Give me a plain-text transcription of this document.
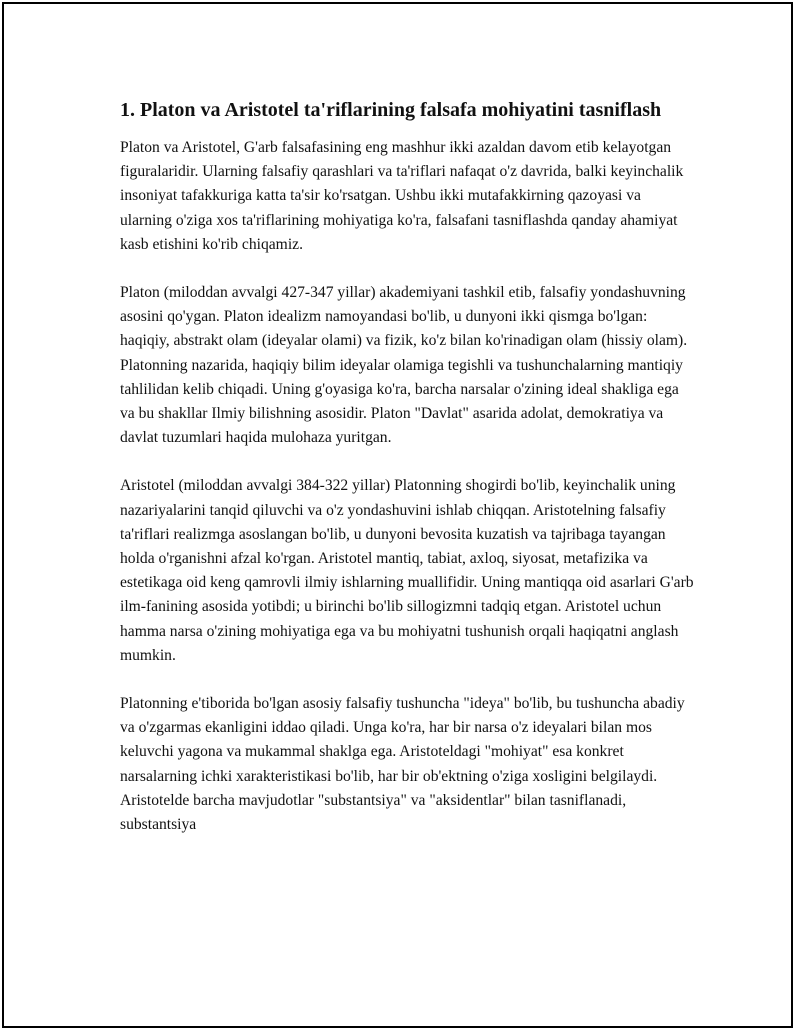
1. Platon va Aristotel ta'riflarining falsafa mohiyatini tasniflash

Platon va Aristotel, G'arb falsafasining eng mashhur ikki azaldan davom etib kelayotgan figuralaridir. Ularning falsafiy qarashlari va ta'riflari nafaqat o'z davrida, balki keyinchalik insoniyat tafakkuriga katta ta'sir ko'rsatgan. Ushbu ikki mutafakkirning qazoyasi va ularning o'ziga xos ta'riflarining mohiyatiga ko'ra, falsafani tasniflashda qanday ahamiyat kasb etishini ko'rib chiqamiz.

Platon (miloddan avvalgi 427-347 yillar) akademiyani tashkil etib, falsafiy yondashuvning asosini qo'ygan. Platon idealizm namoyandasi bo'lib, u dunyoni ikki qismga bo'lgan: haqiqiy, abstrakt olam (ideyalar olami) va fizik, ko'z bilan ko'rinadigan olam (hissiy olam). Platonning nazarida, haqiqiy bilim ideyalar olamiga tegishli va tushunchalarning mantiqiy tahlilidan kelib chiqadi. Uning g'oyasiga ko'ra, barcha narsalar o'zining ideal shakliga ega va bu shakllar Ilmiy bilishning asosidir. Platon "Davlat" asarida adolat, demokratiya va davlat tuzumlari haqida mulohaza yuritgan.

Aristotel (miloddan avvalgi 384-322 yillar) Platonning shogirdi bo'lib, keyinchalik uning nazariyalarini tanqid qiluvchi va o'z yondashuvini ishlab chiqqan. Aristotelning falsafiy ta'riflari realizmga asoslangan bo'lib, u dunyoni bevosita kuzatish va tajribaga tayangan holda o'rganishni afzal ko'rgan. Aristotel mantiq, tabiat, axloq, siyosat, metafizika va estetikaga oid keng qamrovli ilmiy ishlarning muallifidir. Uning mantiqqa oid asarlari G'arb ilm-fanining asosida yotibdi; u birinchi bo'lib sillogizmni tadqiq etgan. Aristotel uchun hamma narsa o'zining mohiyatiga ega va bu mohiyatni tushunish orqali haqiqatni anglash mumkin.

Platonning e'tiborida bo'lgan asosiy falsafiy tushuncha "ideya" bo'lib, bu tushuncha abadiy va o'zgarmas ekanligini iddao qiladi. Unga ko'ra, har bir narsa o'z ideyalari bilan mos keluvchi yagona va mukammal shaklga ega. Aristoteldagi "mohiyat" esa konkret narsalarning ichki xarakteristikasi bo'lib, har bir ob'ektning o'ziga xosligini belgilaydi. Aristotelde barcha mavjudotlar "substantsiya" va "aksidentlar" bilan tasniflanadi, substantsiya
